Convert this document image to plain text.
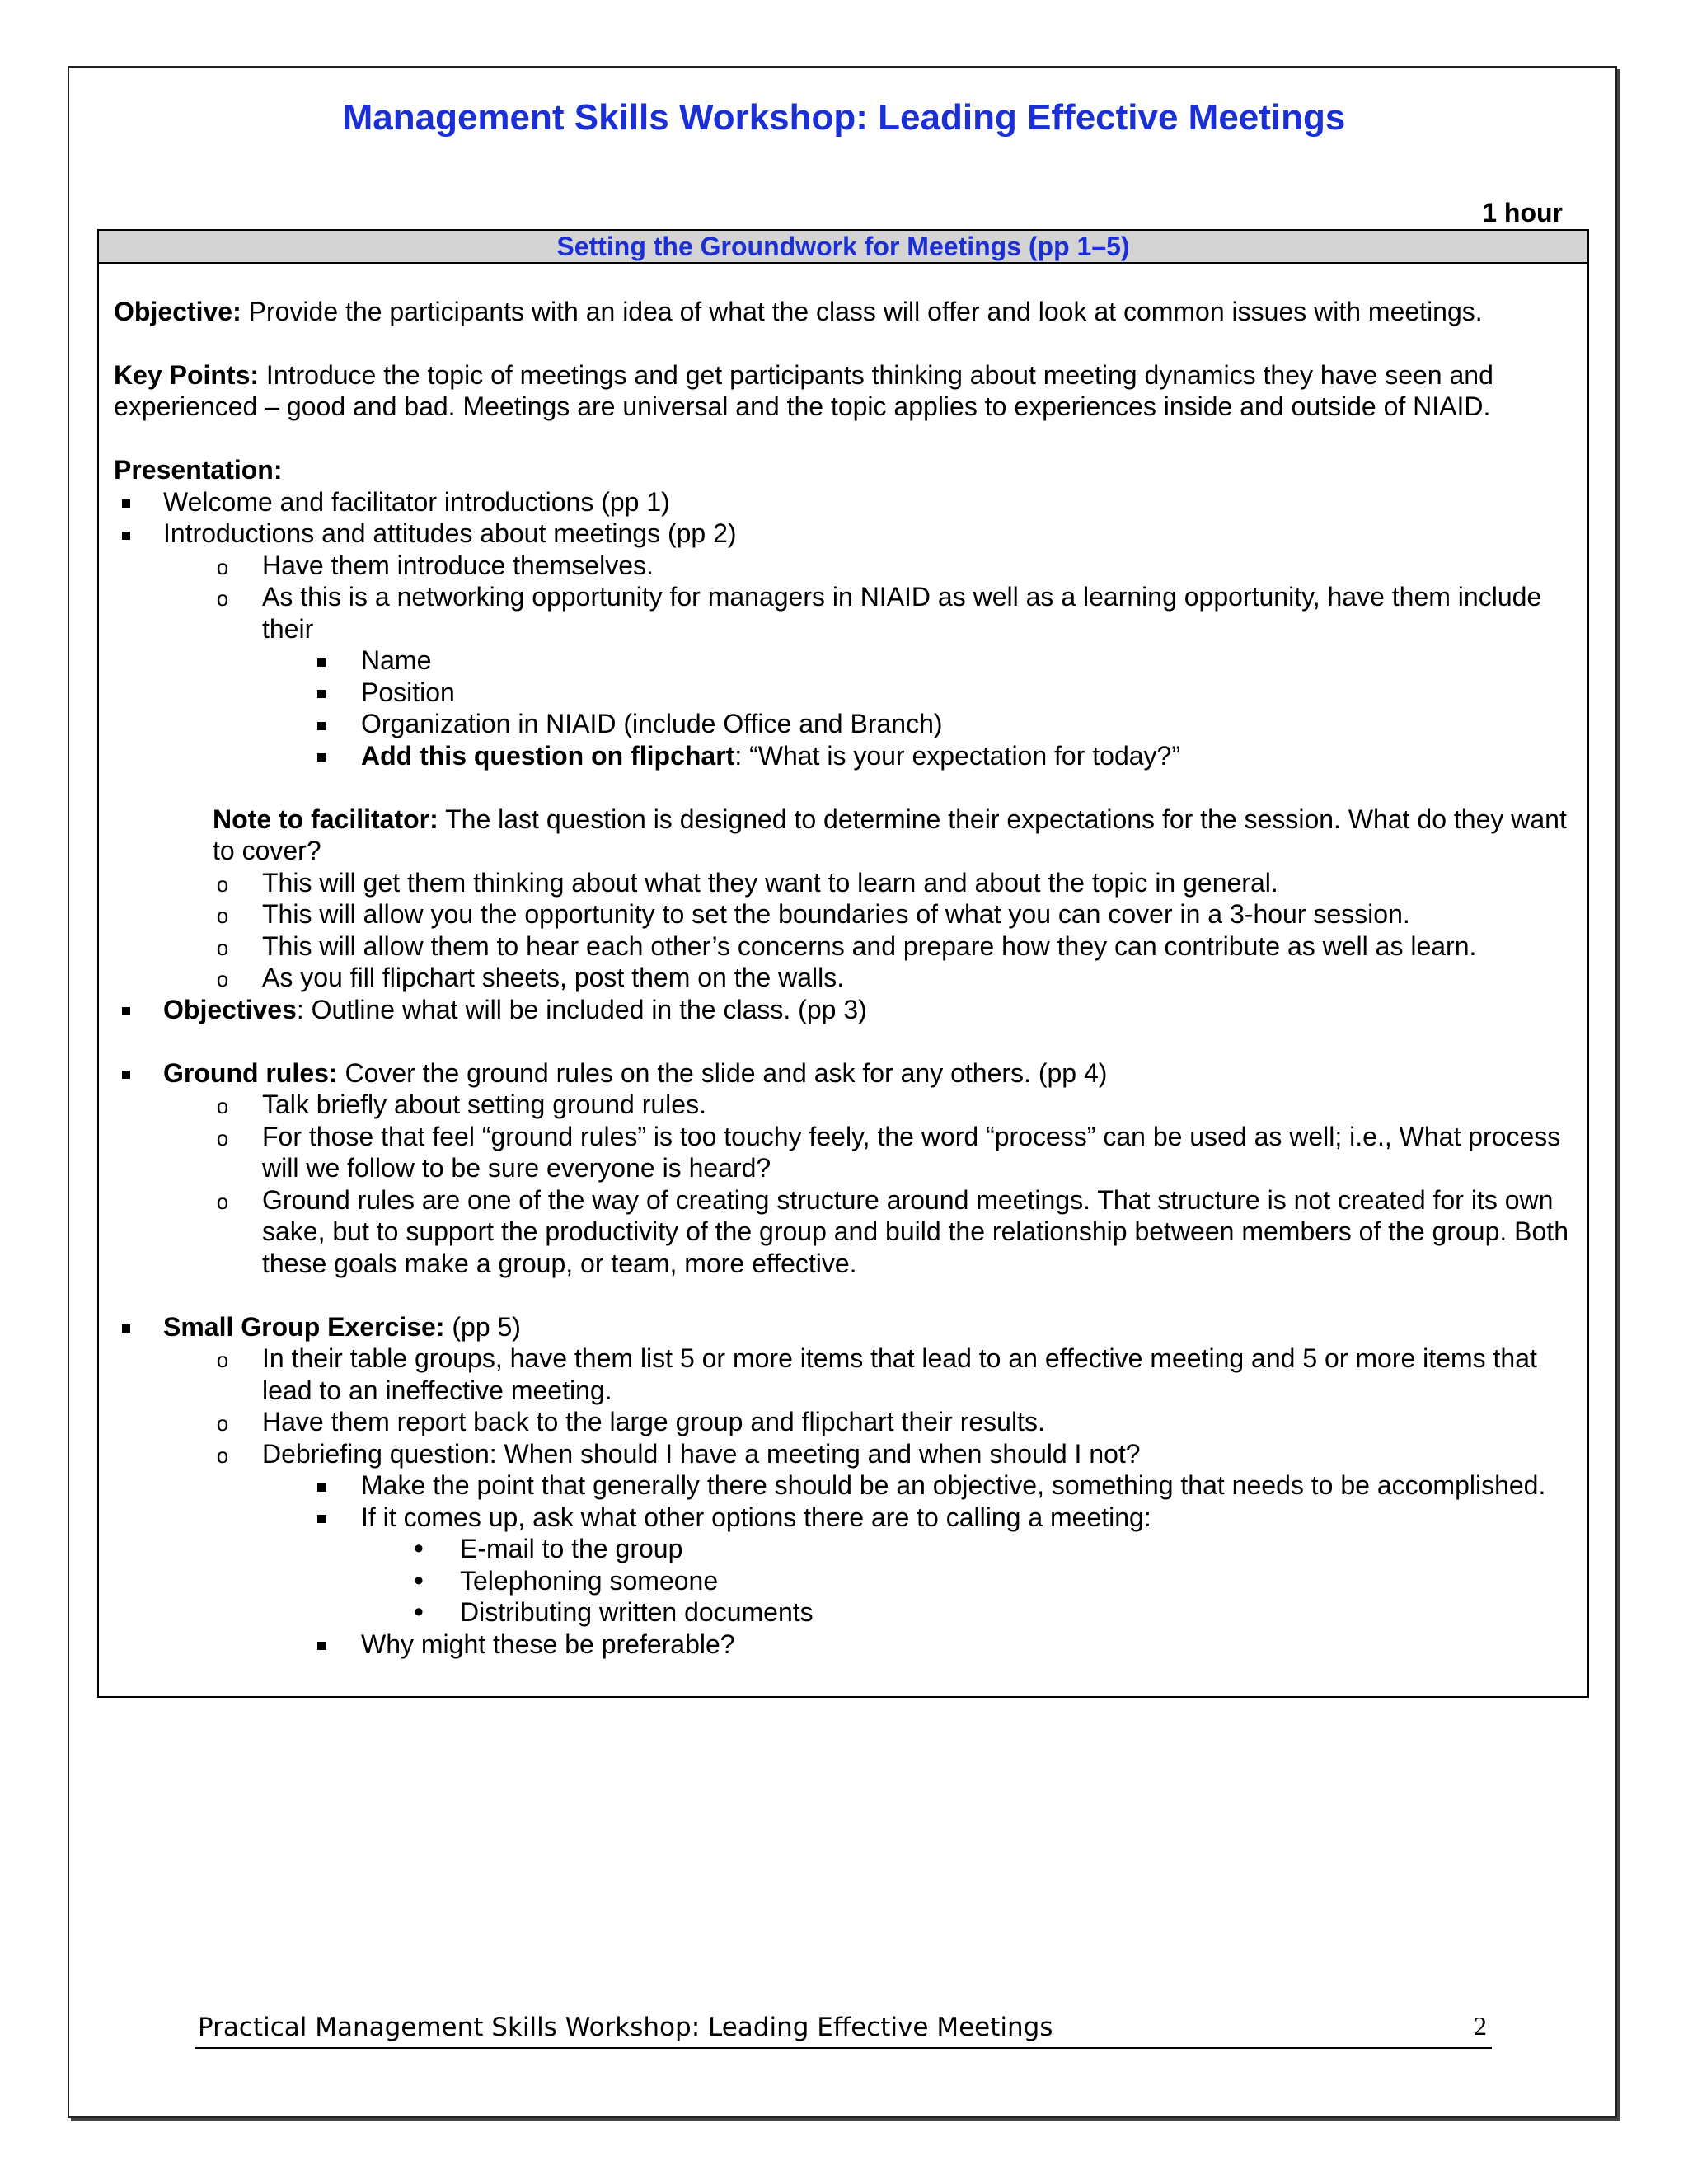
Management Skills Workshop: Leading Effective Meetings
1 hour
Setting the Groundwork for Meetings (pp 1–5)

Objective: Provide the participants with an idea of what the class will offer and look at common issues with meetings.

Key Points: Introduce the topic of meetings and get participants thinking about meeting dynamics they have seen and experienced – good and bad. Meetings are universal and the topic applies to experiences inside and outside of NIAID.

Presentation:

Welcome and facilitator introductions (pp 1)
Introductions and attitudes about meetings (pp 2)
o
Have them introduce themselves.
o
As this is a networking opportunity for managers in NIAID as well as a learning opportunity, have them include their
Name
Position
Organization in NIAID (include Office and Branch)
Add this question on flipchart: “What is your expectation for today?”

Note to facilitator: The last question is designed to determine their expectations for the session. What do they want to cover?

o
This will get them thinking about what they want to learn and about the topic in general.
o
This will allow you the opportunity to set the boundaries of what you can cover in a 3-hour session.
o
This will allow them to hear each other’s concerns and prepare how they can contribute as well as learn.
o
As you fill flipchart sheets, post them on the walls.
Objectives: Outline what will be included in the class. (pp 3)
Ground rules: Cover the ground rules on the slide and ask for any others. (pp 4)
o
Talk briefly about setting ground rules.
o
For those that feel “ground rules” is too touchy feely, the word “process” can be used as well; i.e., What process will we follow to be sure everyone is heard?
o
Ground rules are one of the way of creating structure around meetings. That structure is not created for its own sake, but to support the productivity of the group and build the relationship between members of the group. Both these goals make a group, or team, more effective.
Small Group Exercise: (pp 5)
o
In their table groups, have them list 5 or more items that lead to an effective meeting and 5 or more items that lead to an ineffective meeting.
o
Have them report back to the large group and flipchart their results.
o
Debriefing question: When should I have a meeting and when should I not?
Make the point that generally there should be an objective, something that needs to be accomplished.
If it comes up, ask what other options there are to calling a meeting:
•
E-mail to the group
•
Telephoning someone
•
Distributing written documents
Why might these be preferable?
Practical Management Skills Workshop: Leading Effective Meetings	2
